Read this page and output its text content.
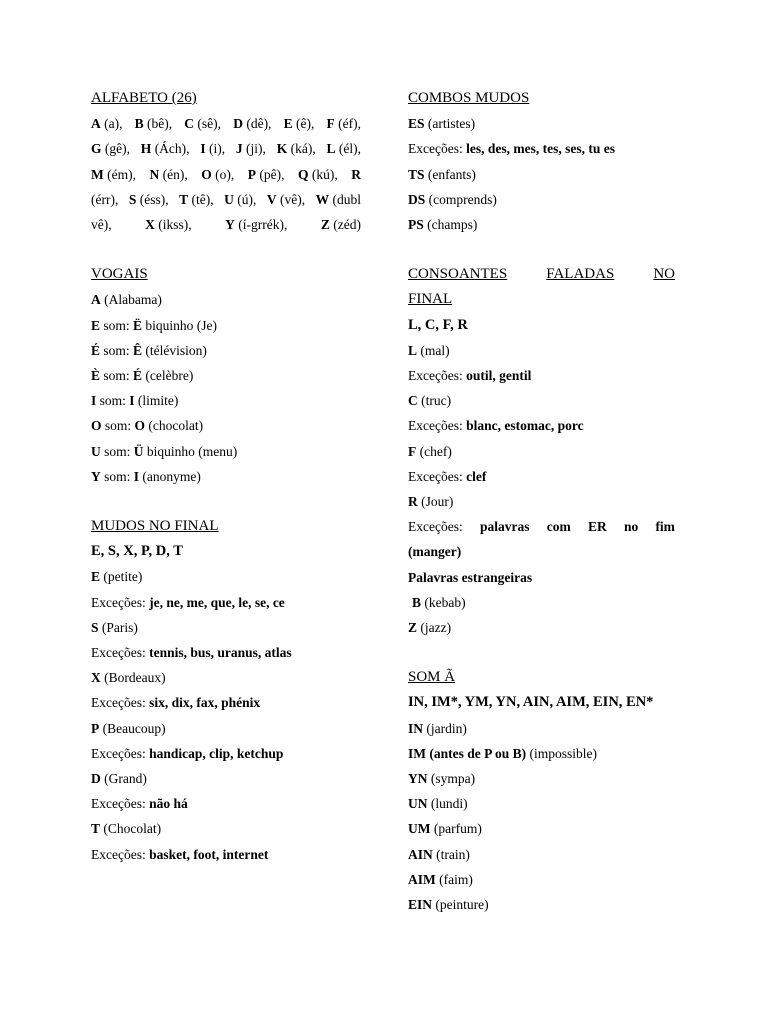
ALFABETO (26)

A (a), B (bê), C (sê), D (dê), E (ê), F (éf),

G (gê), H (Ách), I (i), J (ji), K (ká), L (él),

M (ém), N (én), O (o), P (pê), Q (kú), R

(érr), S (éss), T (tê), U (ú), V (vê), W (dubl

vê), X (ikss), Y (í-grrék), Z (zéd)

VOGAIS

A (Alabama)

E som: Ë biquinho (Je)

É som: Ê (télévision)

È som: É (celèbre)

I som: I (limite)

O som: O (chocolat)

U som: Ü biquinho (menu)

Y som: I (anonyme)

MUDOS NO FINAL

E, S, X, P, D, T

E (petite)

Exceções: je, ne, me, que, le, se, ce

S (Paris)

Exceções: tennis, bus, uranus, atlas

X (Bordeaux)

Exceções: six, dix, fax, phénix

P (Beaucoup)

Exceções: handicap, clip, ketchup

D (Grand)

Exceções: não há

T (Chocolat)

Exceções: basket, foot, internet

COMBOS MUDOS

ES (artistes)

Exceções: les, des, mes, tes, ses, tu es

TS (enfants)

DS (comprends)

PS (champs)

CONSOANTES	FALADAS	NO

FINAL

L, C, F, R

L (mal)

Exceções: outil, gentil

C (truc)

Exceções: blanc, estomac, porc

F (chef)

Exceções: clef

R (Jour)

Exceções: palavras com ER no fim

(manger)

Palavras estrangeiras

B (kebab)

Z (jazz)

SOM Ã

IN, IM*, YM, YN, AIN, AIM, EIN, EN*

IN (jardin)

IM (antes de P ou B) (impossible)

YN (sympa)

UN (lundi)

UM (parfum)

AIN (train)

AIM (faim)

EIN (peinture)
